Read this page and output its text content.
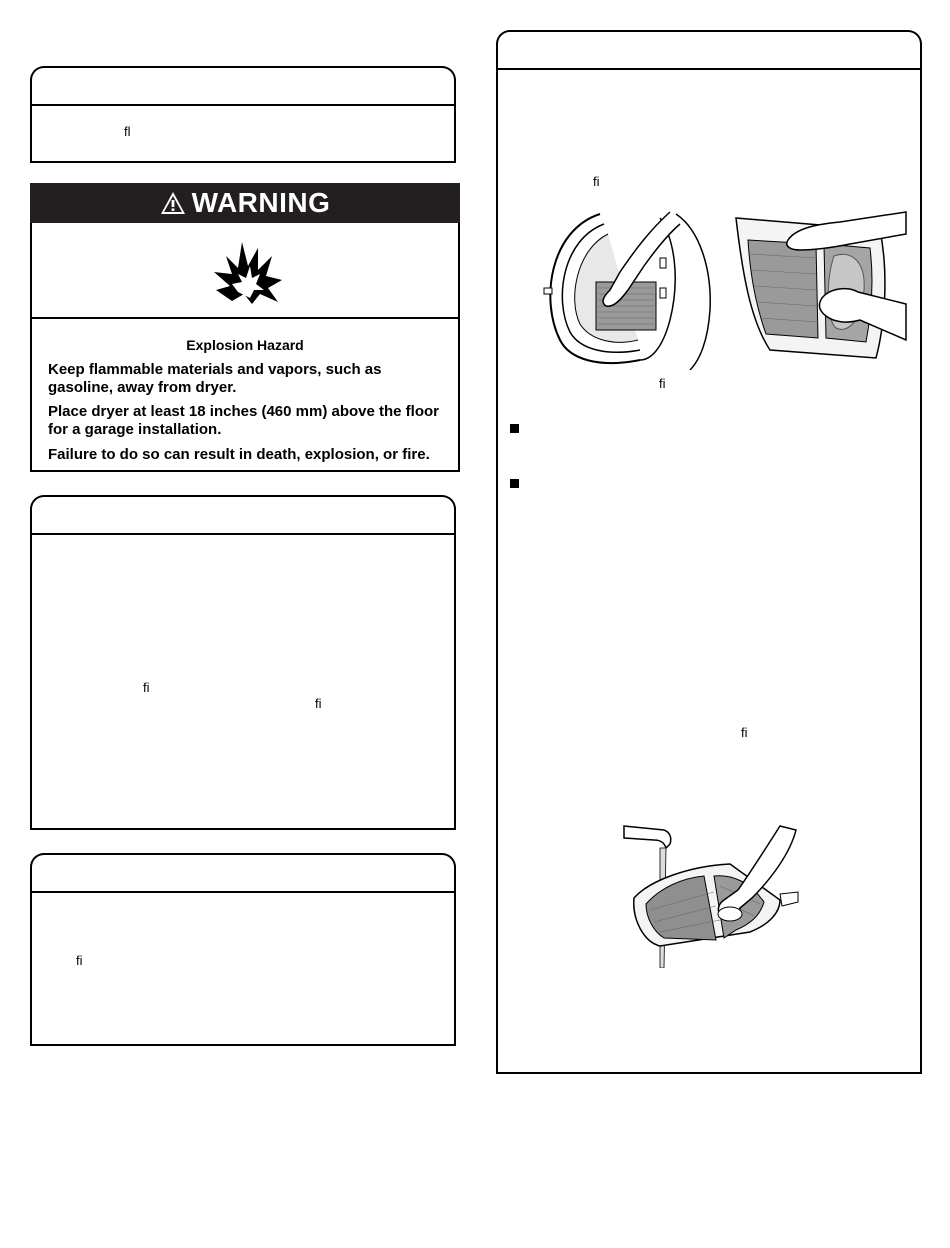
fl
WARNING
Explosion Hazard
Keep flammable materials and vapors, such as gasoline, away from dryer.
Place dryer at least 18 inches (460 mm) above the floor for a garage installation.
Failure to do so can result in death, explosion, or fire.
fi
fi
fi
fi
fi
fi
